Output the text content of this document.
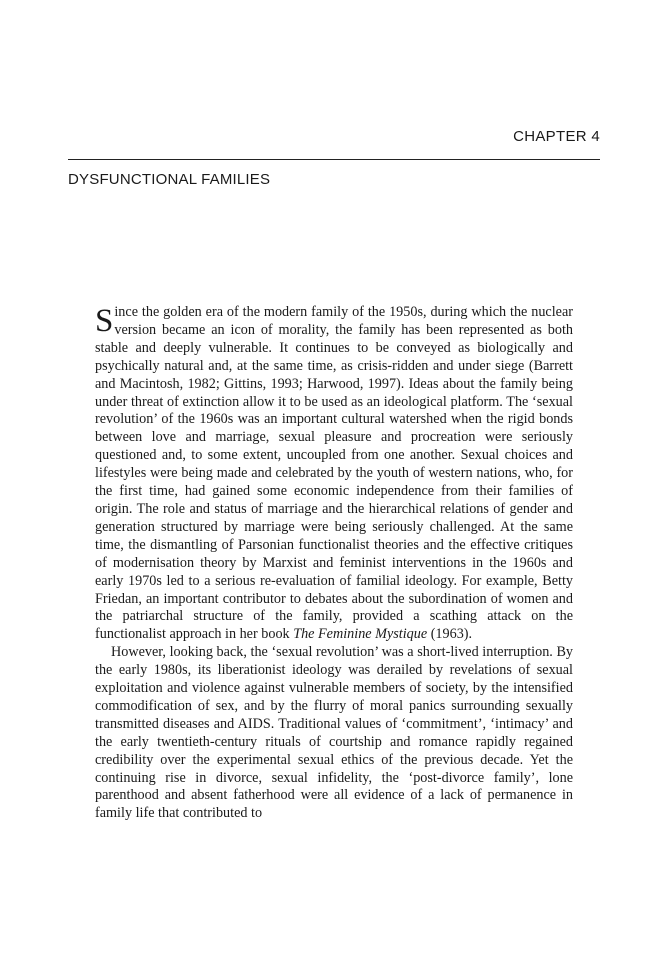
CHAPTER 4
DYSFUNCTIONAL FAMILIES

Since the golden era of the modern family of the 1950s, during which the nuclear version became an icon of morality, the family has been represented as both stable and deeply vulnerable. It continues to be conveyed as biologically and psychically natural and, at the same time, as crisis-ridden and under siege (Barrett and Macintosh, 1982; Gittins, 1993; Harwood, 1997). Ideas about the family being under threat of extinction allow it to be used as an ideological platform. The ‘sexual revolution’ of the 1960s was an important cultural watershed when the rigid bonds between love and marriage, sexual pleasure and procreation were seriously questioned and, to some extent, uncoupled from one another. Sexual choices and lifestyles were being made and celebrated by the youth of western nations, who, for the first time, had gained some economic independence from their families of origin. The role and status of marriage and the hierarchical relations of gender and generation structured by marriage were being seriously challenged. At the same time, the dismantling of Parsonian functionalist theories and the effective critiques of modernisation theory by Marxist and feminist interventions in the 1960s and early 1970s led to a serious re-evaluation of familial ideology. For example, Betty Friedan, an important contributor to debates about the subordination of women and the patriarchal structure of the family, provided a scathing attack on the functionalist approach in her book The Feminine Mystique (1963).

However, looking back, the ‘sexual revolution’ was a short-lived interruption. By the early 1980s, its liberationist ideology was derailed by revelations of sexual exploitation and violence against vulnerable members of society, by the intensified commodification of sex, and by the flurry of moral panics surrounding sexually transmitted diseases and AIDS. Traditional values of ‘commitment’, ‘intimacy’ and the early twentieth-century rituals of courtship and romance rapidly regained credibility over the experimental sexual ethics of the previous decade. Yet the continuing rise in divorce, sexual infidelity, the ‘post-divorce family’, lone parenthood and absent fatherhood were all evidence of a lack of permanence in family life that contributed to
